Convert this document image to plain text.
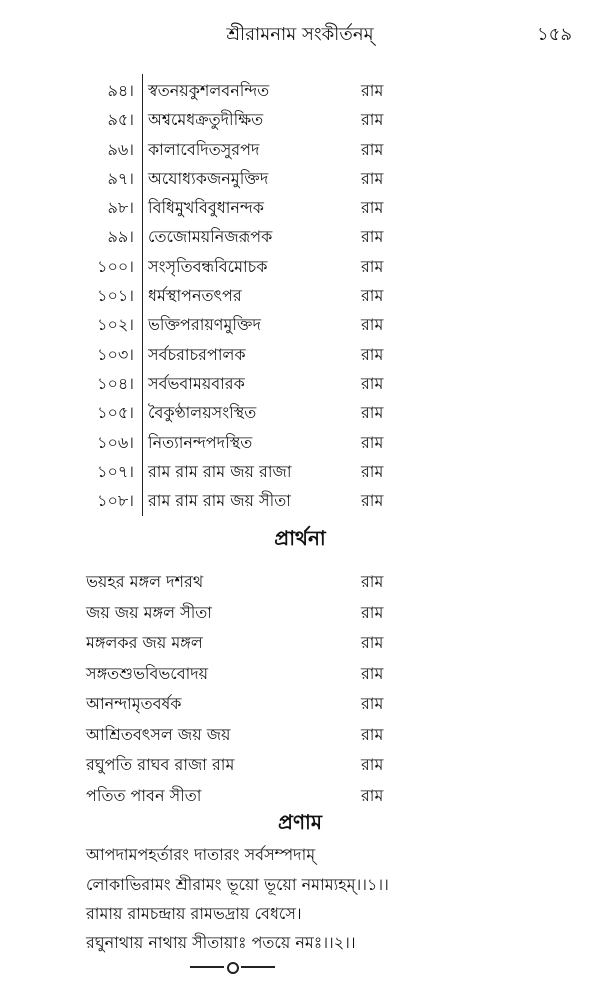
শ্রীরামনাম সংকীর্তনম্	১৫৯
৯৪। স্বতনয়কুশলবনন্দিত	রাম
৯৫। অশ্বমেধক্রতুদীক্ষিত	রাম
৯৬। কালাবেদিতসুরপদ	রাম
৯৭। অযোধ্যকজনমুক্তিদ	রাম
৯৮। বিধিমুখবিবুধানন্দক	রাম
৯৯। তেজোময়নিজরূপক	রাম
১০০। সংসৃতিবন্ধবিমোচক	রাম
১০১। ধর্মস্থাপনতৎপর	রাম
১০২। ভক্তিপরায়ণমুক্তিদ	রাম
১০৩। সর্বচরাচরপালক	রাম
১০৪। সর্বভবাময়বারক	রাম
১০৫। বৈকুণ্ঠালয়সংস্থিত	রাম
১০৬। নিত্যানন্দপদস্থিত	রাম
১০৭। রাম রাম রাম জয় রাজা	রাম
১০৮। রাম রাম রাম জয় সীতা	রাম
প্রার্থনা
ভয়হর মঙ্গল দশরথ	রাম
জয় জয় মঙ্গল সীতা	রাম
মঙ্গলকর জয় মঙ্গল	রাম
সঙ্গতশুভবিভবোদয়	রাম
আনন্দামৃতবর্ষক	রাম
আশ্রিতবৎসল জয় জয়	রাম
রঘুপতি রাঘব রাজা রাম	রাম
পতিত পাবন সীতা	রাম
প্রণাম
আপদামপহর্তারং দাতারং সর্বসম্পদাম্
লোকাভিরামং শ্রীরামং ভূয়ো ভূয়ো নমাম্যহম্।।১।।
রামায় রামচন্দ্রায় রামভদ্রায় বেধসে।
রঘুনাথায় নাথায় সীতায়াঃ পতয়ে নমঃ।।২।।
